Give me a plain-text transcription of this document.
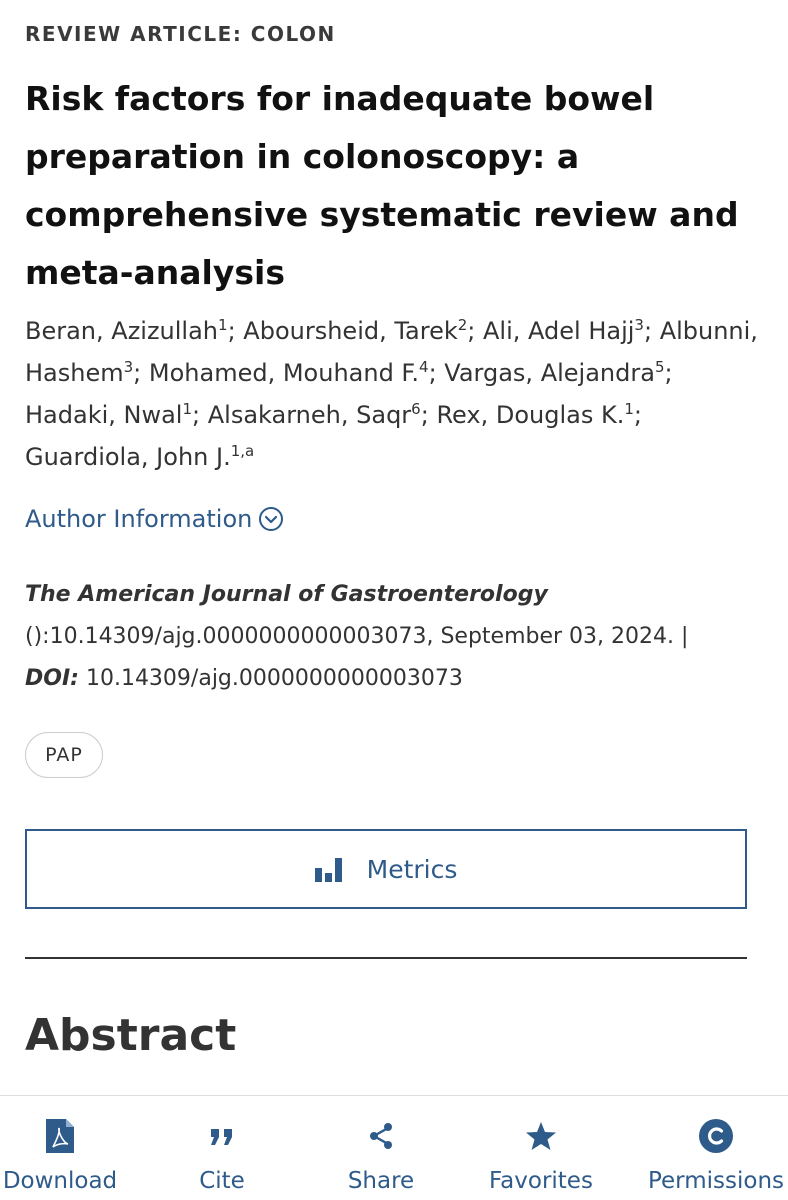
REVIEW ARTICLE: COLON
Risk factors for inadequate bowel preparation in colonoscopy: a comprehensive systematic review and meta-analysis
Beran, Azizullah$^1$; Aboursheid, Tarek$^2$; Ali, Adel Hajj$^3$; Albunni, Hashem$^3$; Mohamed, Mouhand F.$^4$; Vargas, Alejandra$^5$; Hadaki, Nwal$^1$; Alsakarneh, Saqr$^6$; Rex, Douglas K.$^1$; Guardiola, John J.$^{1,a}$
Author Information
The American Journal of Gastroenterology
():10.14309/ajg.0000000000003073, September 03, 2024. |
DOI: 10.14309/ajg.0000000000003073
PAP
Metrics
Abstract
Download	Cite	Share	Favorites Permissions
